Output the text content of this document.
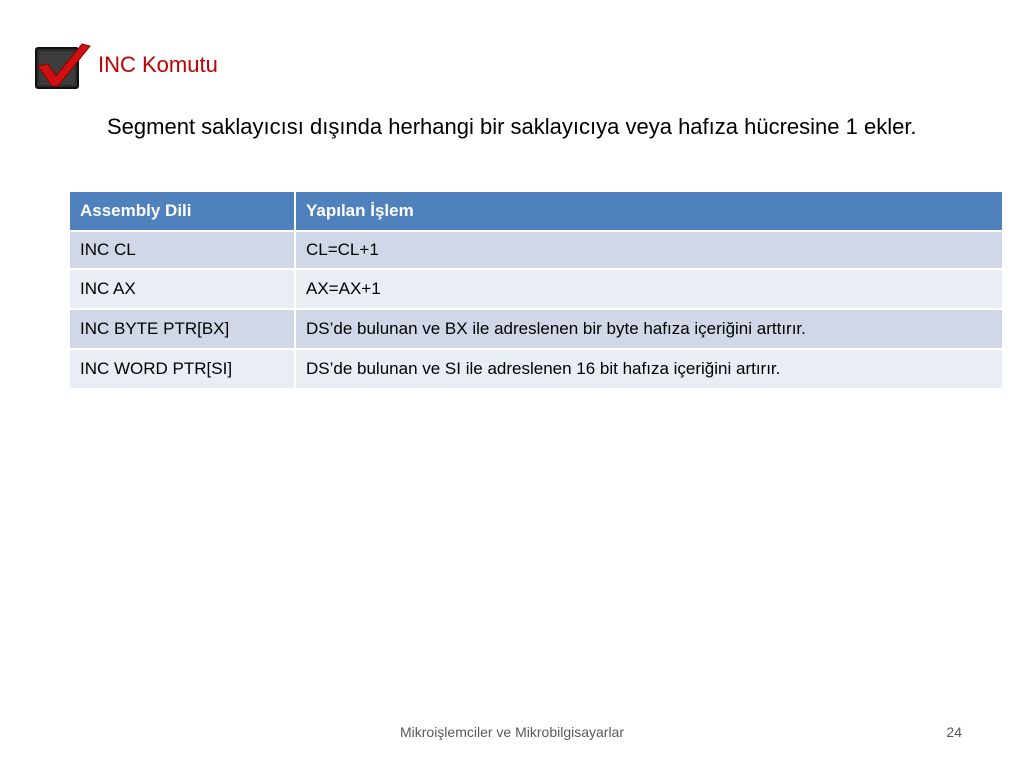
INC Komutu
Segment saklayıcısı dışında herhangi bir saklayıcıya veya hafıza hücresine 1 ekler.
Assembly Dili	Yapılan İşlem
INC CL	CL=CL+1
INC AX	AX=AX+1
INC BYTE PTR[BX]	DS’de bulunan ve BX ile adreslenen bir byte hafıza içeriğini arttırır.
INC WORD PTR[SI]	DS’de bulunan ve SI ile adreslenen 16 bit hafıza içeriğini artırır.
Mikroişlemciler ve Mikrobilgisayarlar	24
